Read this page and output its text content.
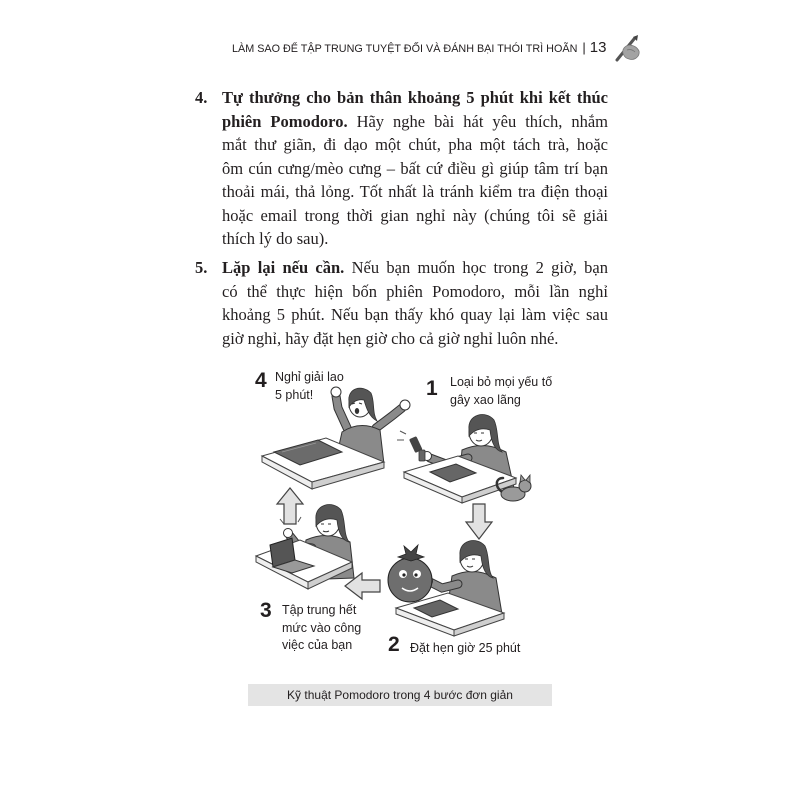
LÀM SAO ĐỂ TẬP TRUNG TUYỆT ĐỐI VÀ ĐÁNH BẠI THÓI TRÌ HOÃN | 13
4. Tự thưởng cho bản thân khoảng 5 phút khi kết thúc
phiên Pomodoro. Hãy nghe bài hát yêu thích, nhắm
mắt thư giãn, đi dạo một chút, pha một tách trà, hoặc
ôm cún cưng/mèo cưng – bất cứ điều gì giúp tâm trí bạn
thoải mái, thả lỏng. Tốt nhất là tránh kiểm tra điện thoại
hoặc email trong thời gian nghỉ này (chúng tôi sẽ giải
thích lý do sau).
5. Lặp lại nếu cần. Nếu bạn muốn học trong 2 giờ, bạn
có thể thực hiện bốn phiên Pomodoro, mỗi lần nghỉ
khoảng 5 phút. Nếu bạn thấy khó quay lại làm việc sau
giờ nghỉ, hãy đặt hẹn giờ cho cả giờ nghỉ luôn nhé.
4 Nghỉ giải lao
5 phút!	1 Loại bỏ mọi yếu tố
gây xao lãng
3 Tập trung hết
mức vào công
việc của bạn	2 Đặt hẹn giờ 25 phút
Kỹ thuật Pomodoro trong 4 bước đơn giản
